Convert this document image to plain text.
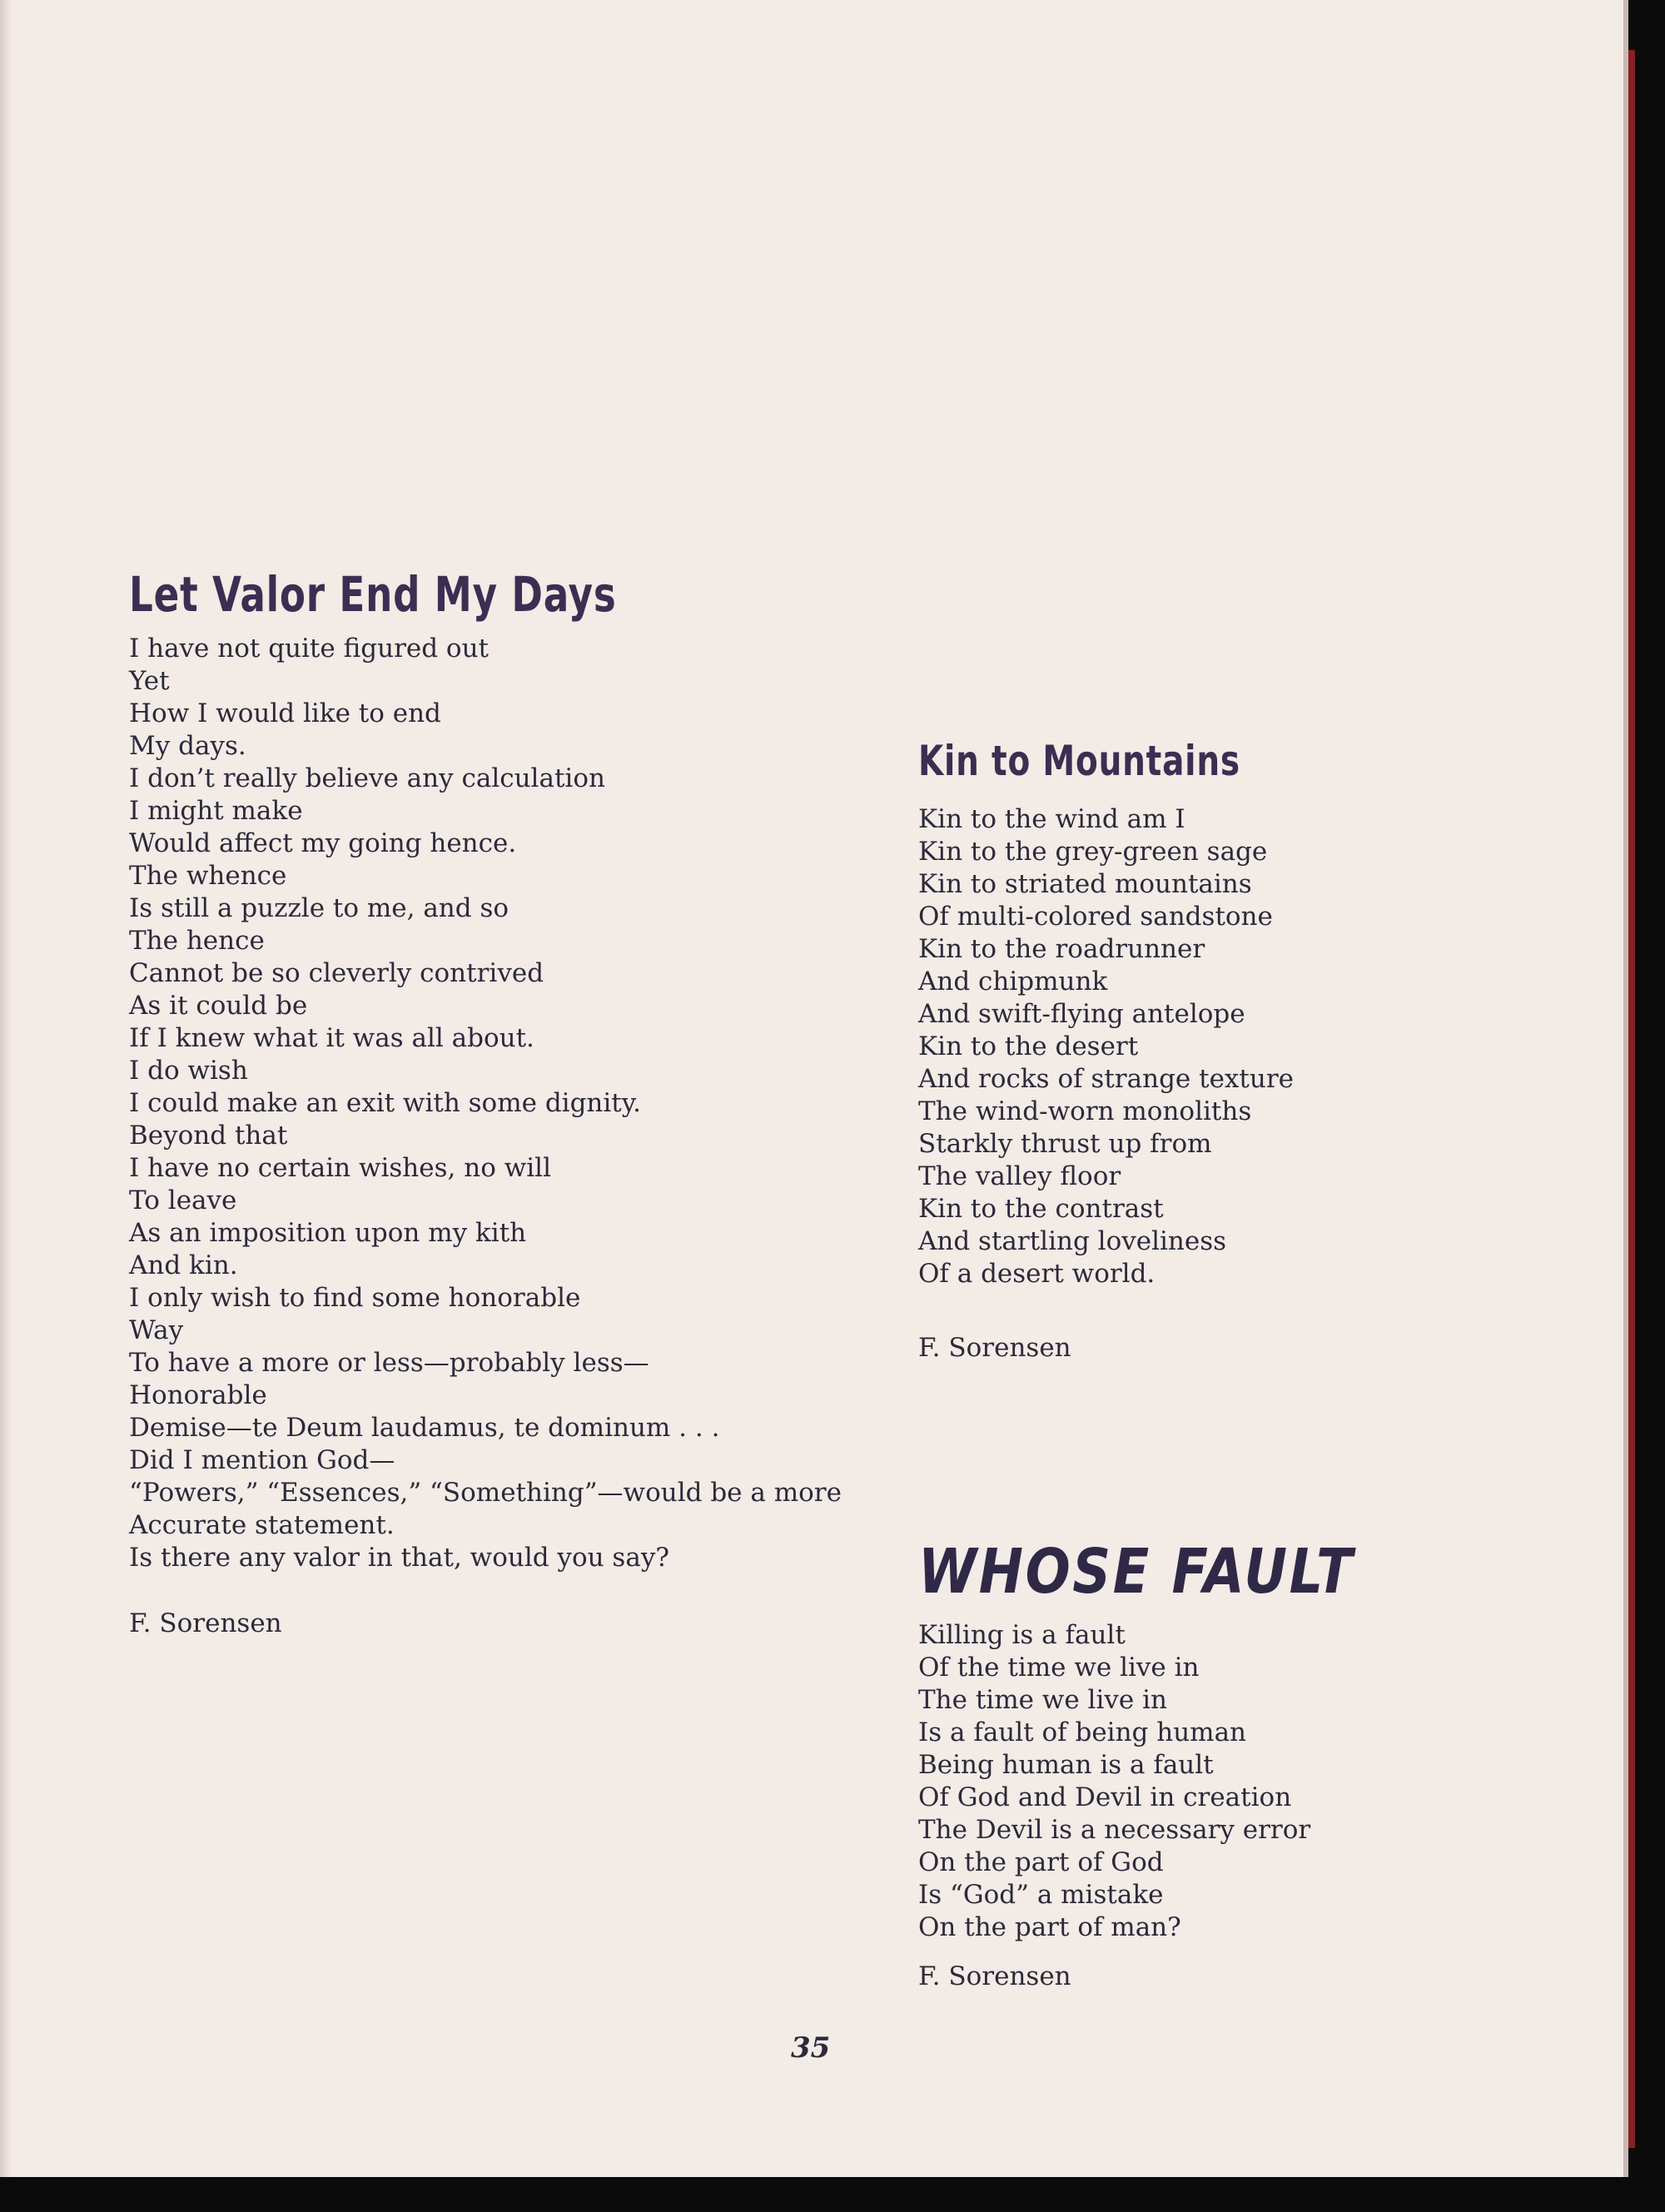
Let Valor End My Days
I have not quite figured out
Yet
How I would like to end
My days.
I don’t really believe any calculation
I might make
Would affect my going hence.
The whence
Is still a puzzle to me, and so
The hence
Cannot be so cleverly contrived
As it could be
If I knew what it was all about.
I do wish
I could make an exit with some dignity.
Beyond that
I have no certain wishes, no will
To leave
As an imposition upon my kith
And kin.
I only wish to find some honorable
Way
To have a more or less—probably less—
Honorable
Demise—te Deum laudamus, te dominum . . .
Did I mention God—
“Powers,” “Essences,” “Something”—would be a more
Accurate statement.
Is there any valor in that, would you say?
F. Sorensen
Kin to Mountains
Kin to the wind am I
Kin to the grey-green sage
Kin to striated mountains
Of multi-colored sandstone
Kin to the roadrunner
And chipmunk
And swift-flying antelope
Kin to the desert
And rocks of strange texture
The wind-worn monoliths
Starkly thrust up from
The valley floor
Kin to the contrast
And startling loveliness
Of a desert world.
F. Sorensen
WHOSE FAULT
Killing is a fault
Of the time we live in
The time we live in
Is a fault of being human
Being human is a fault
Of God and Devil in creation
The Devil is a necessary error
On the part of God
Is “God” a mistake
On the part of man?
F. Sorensen
35
